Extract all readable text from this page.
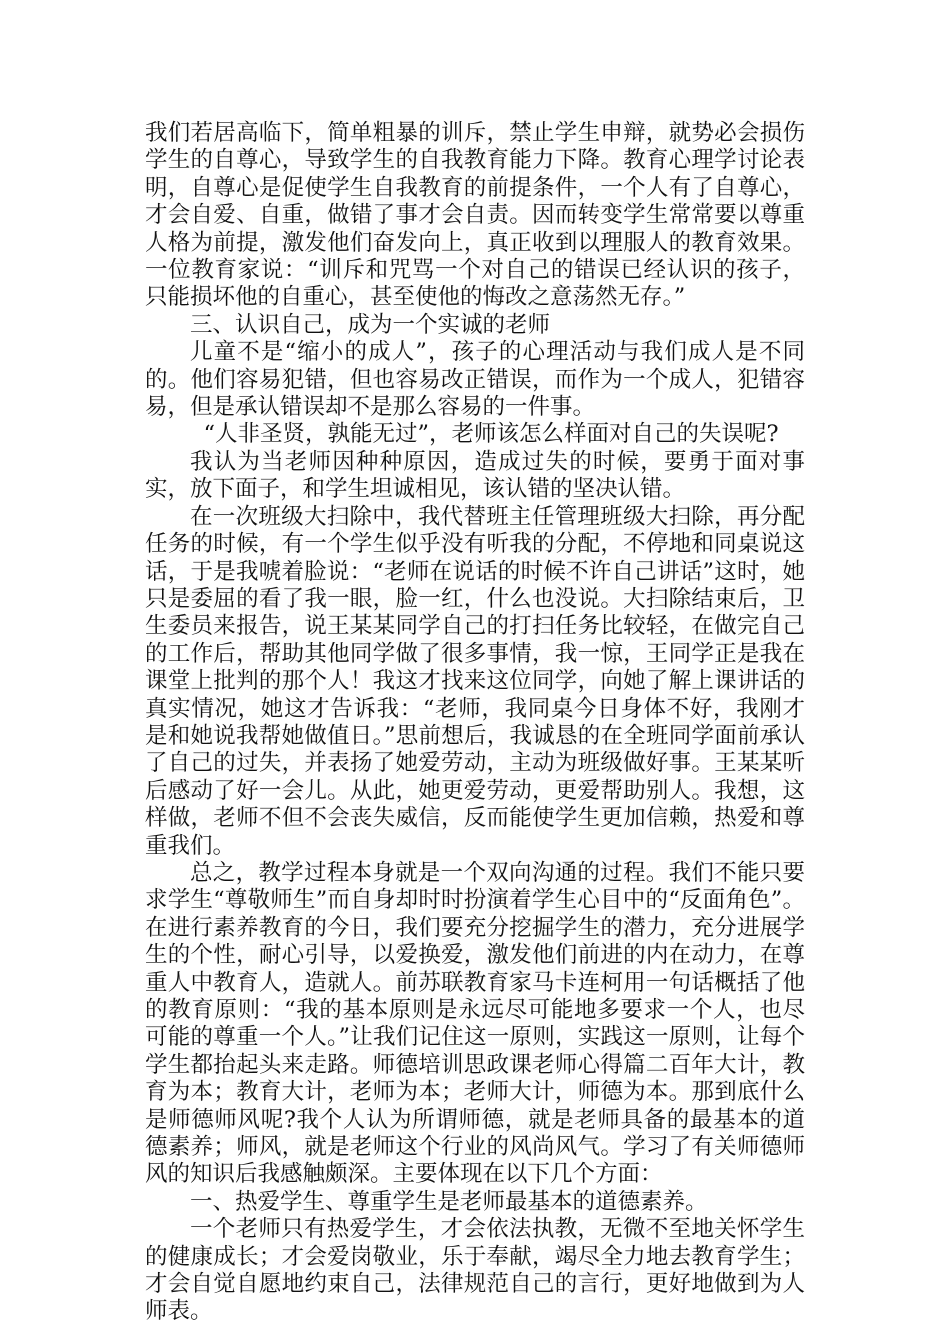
我们若居高临下，简单粗暴的训斥，禁止学生申辩，就势必会损伤学生的自尊心，导致学生的自我教育能力下降。教育心理学讨论表明，自尊心是促使学生自我教育的前提条件，一个人有了自尊心，才会自爱、自重，做错了事才会自责。因而转变学生常常要以尊重人格为前提，激发他们奋发向上，真正收到以理服人的教育效果。一位教育家说：“训斥和咒骂一个对自己的错误已经认识的孩子，只能损坏他的自重心，甚至使他的悔改之意荡然无存。”

三、认识自己，成为一个实诚的老师

儿童不是“缩小的成人”，孩子的心理活动与我们成人是不同的。他们容易犯错，但也容易改正错误，而作为一个成人，犯错容易，但是承认错误却不是那么容易的一件事。

“人非圣贤，孰能无过”，老师该怎么样面对自己的失误呢?

我认为当老师因种种原因，造成过失的时候，要勇于面对事实，放下面子，和学生坦诚相见，该认错的坚决认错。

在一次班级大扫除中，我代替班主任管理班级大扫除，再分配任务的时候，有一个学生似乎没有听我的分配，不停地和同桌说这话，于是我唬着脸说：“老师在说话的时候不许自己讲话”这时，她只是委屈的看了我一眼，脸一红，什么也没说。大扫除结束后，卫生委员来报告，说王某某同学自己的打扫任务比较轻，在做完自己的工作后，帮助其他同学做了很多事情，我一惊，王同学正是我在课堂上批判的那个人！我这才找来这位同学，向她了解上课讲话的真实情况，她这才告诉我：“老师，我同桌今日身体不好，我刚才是和她说我帮她做值日。”思前想后，我诚恳的在全班同学面前承认了自己的过失，并表扬了她爱劳动，主动为班级做好事。王某某听后感动了好一会儿。从此，她更爱劳动，更爱帮助别人。我想，这样做，老师不但不会丧失威信，反而能使学生更加信赖，热爱和尊重我们。

总之，教学过程本身就是一个双向沟通的过程。我们不能只要求学生“尊敬师生”而自身却时时扮演着学生心目中的“反面角色”。在进行素养教育的今日，我们要充分挖掘学生的潜力，充分进展学生的个性，耐心引导，以爱换爱，激发他们前进的内在动力，在尊重人中教育人，造就人。前苏联教育家马卡连柯用一句话概括了他的教育原则：“我的基本原则是永远尽可能地多要求一个人，也尽可能的尊重一个人。”让我们记住这一原则，实践这一原则，让每个学生都抬起头来走路。师德培训思政课老师心得篇二百年大计，教育为本；教育大计，老师为本；老师大计，师德为本。那到底什么是师德师风呢?我个人认为所谓师德，就是老师具备的最基本的道德素养；师风，就是老师这个行业的风尚风气。学习了有关师德师风的知识后我感触颇深。主要体现在以下几个方面：

一、热爱学生、尊重学生是老师最基本的道德素养。

一个老师只有热爱学生，才会依法执教，无微不至地关怀学生的健康成长；才会爱岗敬业，乐于奉献，竭尽全力地去教育学生；才会自觉自愿地约束自己，法律规范自己的言行，更好地做到为人师表。
